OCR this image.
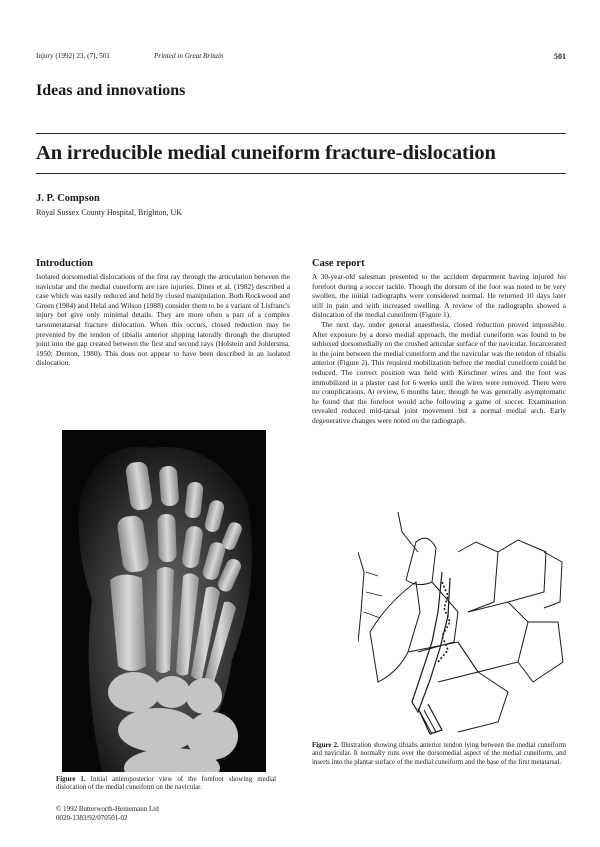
Injury (1992) 23, (7), 501	Printed in Great Britain	501
Ideas and innovations
An irreducible medial cuneiform fracture-dislocation
J. P. Compson
Royal Sussex County Hospital, Brighton, UK
Introduction

Isolated dorsomedial dislocations of the first ray through the articulation between the navicular and the medial cuneiform are rare injuries. Dines et al. (1982) described a case which was easily reduced and held by closed manipulation. Both Rockwood and Green (1984) and Helal and Wilson (1988) consider them to be a variant of Lisfranc's injury but give only minimal details. They are more often a part of a complex tarsometatarsal fracture dislocation. When this occurs, closed reduction may be prevented by the tendon of tibialis anterior slipping laterally through the disrupted joint into the gap created between the first and second rays (Holstein and Joldersma, 1950; Denton, 1980). This does not appear to have been described in an isolated dislocation.

Case report

A 30-year-old salesman presented to the accident department having injured his forefoot during a soccer tackle. Though the dorsum of the foot was noted to be very swollen, the initial radiographs were considered normal. He returned 10 days later still in pain and with increased swelling. A review of the radiographs showed a dislocation of the medial cuneiform (Figure 1).

The next day, under general anaesthesia, closed reduction proved impossible. After exposure by a dorso medial approach, the medial cuneiform was found to be subluxed dorsomedially on the crushed articular surface of the navicular. Incarcerated in the joint between the medial cuneiform and the navicular was the tendon of tibialis anterior (Figure 2). This required mobilization before the medial cuneiform could be reduced. The correct position was held with Kirschner wires and the foot was immobilized in a plaster cast for 6 weeks until the wires were removed. There were no complications. At review, 6 months later, though he was generally asymptomatic he found that the forefoot would ache following a game of soccer. Examination revealed reduced mid-tarsal joint movement but a normal medial arch. Early degenerative changes were noted on the radiograph.

Figure 1. Initial anteroposterior view of the forefoot showing medial dislocation of the medial cuneiform on the navicular.

Figure 2. Illustration showing tibialis anterior tendon lying between the medial cuneiform and navicular. It normally runs over the dorsomedial aspect of the medial cuneiform, and inserts into the plantar surface of the medial cuneiform and the base of the first metatarsal.

© 1992 Butterworth-Heinemann Ltd
0020-1383/92/070501-02
